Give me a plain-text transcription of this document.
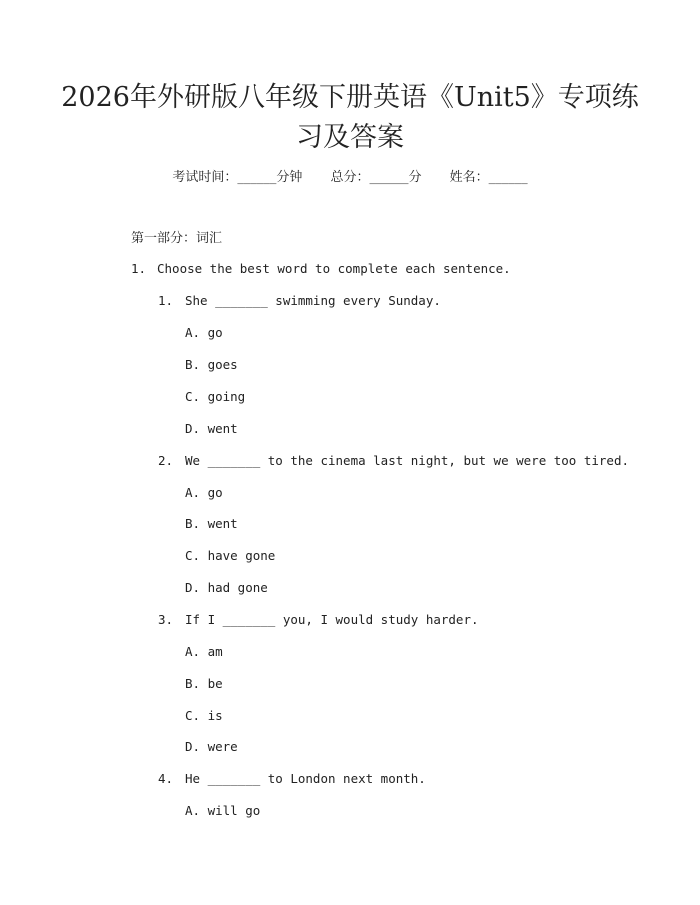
2026年外研版八年级下册英语《Unit5》专项练习及答案
考试时间：______分钟 总分：______分 姓名：______
第一部分：词汇
1. Choose the best word to complete each sentence.
1. She _______ swimming every Sunday.
A. go
B. goes
C. going
D. went
2. We _______ to the cinema last night, but we were too tired.
A. go
B. went
C. have gone
D. had gone
3. If I _______ you, I would study harder.
A. am
B. be
C. is
D. were
4. He _______ to London next month.
A. will go
